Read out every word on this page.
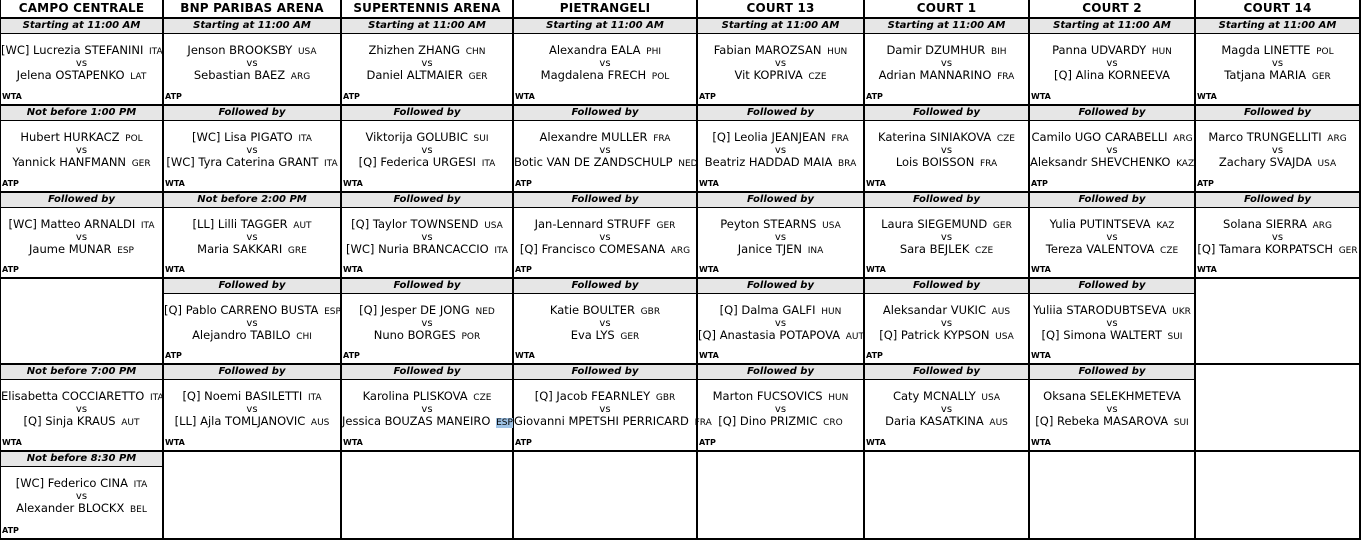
CAMPO CENTRALE
Starting at 11:00 AM
[WC] Lucrezia STEFANINI ITA
vs
Jelena OSTAPENKO LAT
WTA
Not before 1:00 PM
Hubert HURKACZ POL
vs
Yannick HANFMANN GER
ATP
Followed by
[WC] Matteo ARNALDI ITA
vs
Jaume MUNAR ESP
ATP
Not before 7:00 PM
Elisabetta COCCIARETTO ITA
vs
[Q] Sinja KRAUS AUT
WTA
Not before 8:30 PM
[WC] Federico CINA ITA
vs
Alexander BLOCKX BEL
ATP
BNP PARIBAS ARENA
Starting at 11:00 AM
Jenson BROOKSBY USA
vs
Sebastian BAEZ ARG
ATP
Followed by
[WC] Lisa PIGATO ITA
vs
[WC] Tyra Caterina GRANT ITA
WTA
Not before 2:00 PM
[LL] Lilli TAGGER AUT
vs
Maria SAKKARI GRE
WTA
Followed by
[Q] Pablo CARRENO BUSTA ESP
vs
Alejandro TABILO CHI
ATP
Followed by
[Q] Noemi BASILETTI ITA
vs
[LL] Ajla TOMLJANOVIC AUS
WTA
SUPERTENNIS ARENA
Starting at 11:00 AM
Zhizhen ZHANG CHN
vs
Daniel ALTMAIER GER
ATP
Followed by
Viktorija GOLUBIC SUI
vs
[Q] Federica URGESI ITA
WTA
Followed by
[Q] Taylor TOWNSEND USA
vs
[WC] Nuria BRANCACCIO ITA
WTA
Followed by
[Q] Jesper DE JONG NED
vs
Nuno BORGES POR
ATP
Followed by
Karolina PLISKOVA CZE
vs
Jessica BOUZAS MANEIRO ESP
WTA
PIETRANGELI
Starting at 11:00 AM
Alexandra EALA PHI
vs
Magdalena FRECH POL
WTA
Followed by
Alexandre MULLER FRA
vs
Botic VAN DE ZANDSCHULP NED
ATP
Followed by
Jan-Lennard STRUFF GER
vs
[Q] Francisco COMESANA ARG
ATP
Followed by
Katie BOULTER GBR
vs
Eva LYS GER
WTA
Followed by
[Q] Jacob FEARNLEY GBR
vs
Giovanni MPETSHI PERRICARD FRA
ATP
COURT 13
Starting at 11:00 AM
Fabian MAROZSAN HUN
vs
Vit KOPRIVA CZE
ATP
Followed by
[Q] Leolia JEANJEAN FRA
vs
Beatriz HADDAD MAIA BRA
WTA
Followed by
Peyton STEARNS USA
vs
Janice TJEN INA
WTA
Followed by
[Q] Dalma GALFI HUN
vs
[Q] Anastasia POTAPOVA AUT
WTA
Followed by
Marton FUCSOVICS HUN
vs
[Q] Dino PRIZMIC CRO
ATP
COURT 1
Starting at 11:00 AM
Damir DZUMHUR BIH
vs
Adrian MANNARINO FRA
ATP
Followed by
Katerina SINIAKOVA CZE
vs
Lois BOISSON FRA
WTA
Followed by
Laura SIEGEMUND GER
vs
Sara BEJLEK CZE
WTA
Followed by
Aleksandar VUKIC AUS
vs
[Q] Patrick KYPSON USA
ATP
Followed by
Caty MCNALLY USA
vs
Daria KASATKINA AUS
WTA
COURT 2
Starting at 11:00 AM
Panna UDVARDY HUN
vs
[Q] Alina KORNEEVA
WTA
Followed by
Camilo UGO CARABELLI ARG
vs
Aleksandr SHEVCHENKO KAZ
ATP
Followed by
Yulia PUTINTSEVA KAZ
vs
Tereza VALENTOVA CZE
WTA
Followed by
Yuliia STARODUBTSEVA UKR
vs
[Q] Simona WALTERT SUI
WTA
Followed by
Oksana SELEKHMETEVA
vs
[Q] Rebeka MASAROVA SUI
WTA
COURT 14
Starting at 11:00 AM
Magda LINETTE POL
vs
Tatjana MARIA GER
WTA
Followed by
Marco TRUNGELLITI ARG
vs
Zachary SVAJDA USA
ATP
Followed by
Solana SIERRA ARG
vs
[Q] Tamara KORPATSCH GER
WTA
